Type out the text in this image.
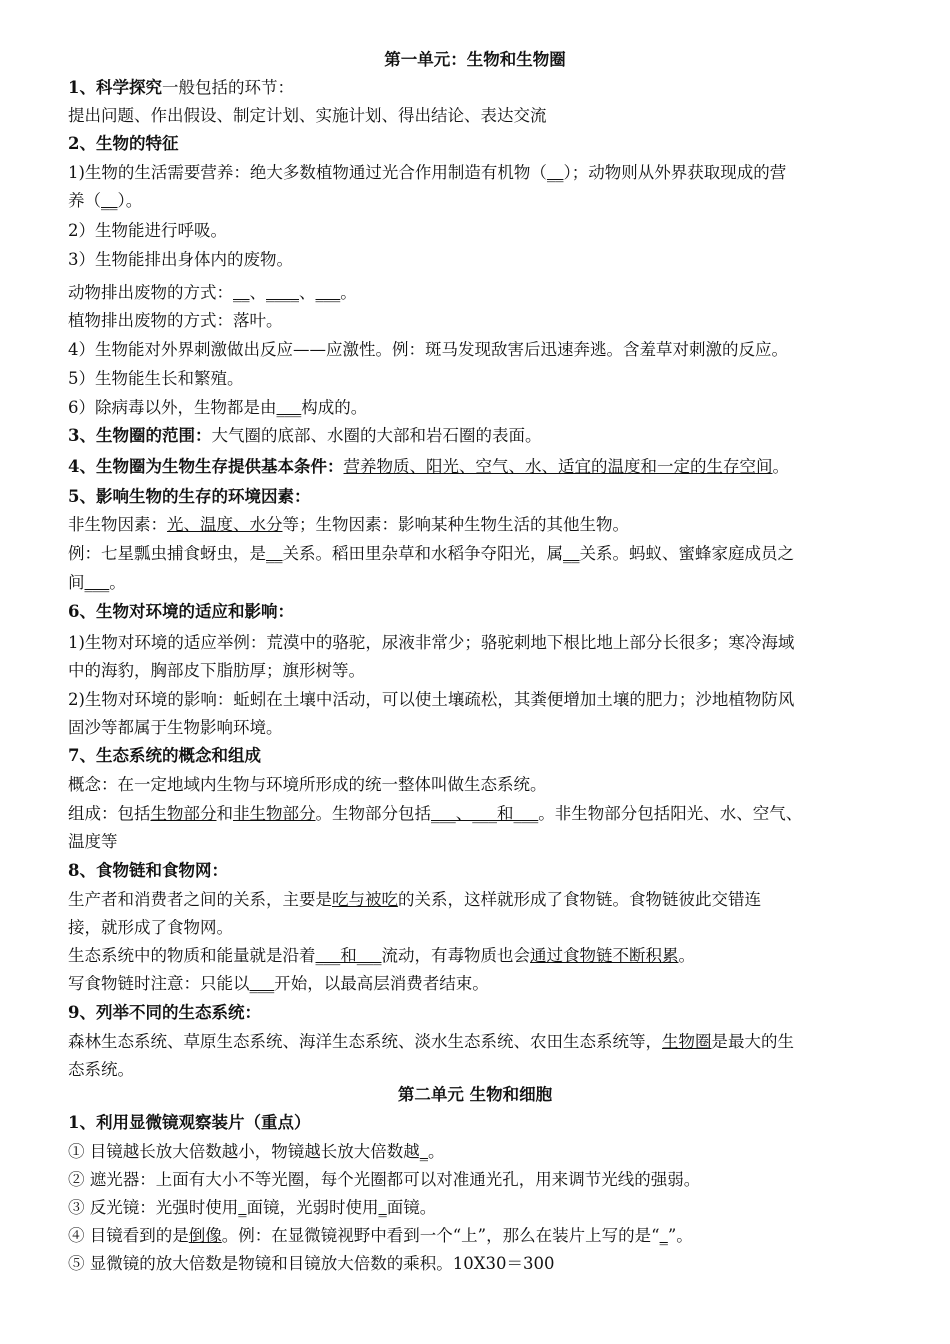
第一单元：生物和生物圈
1、科学探究一般包括的环节：
提出问题、作出假设、制定计划、实施计划、得出结论、表达交流
2、生物的特征
1)生物的生活需要营养：绝大多数植物通过光合作用制造有机物（__）；动物则从外界获取现成的营
养（__）。
2）生物能进行呼吸。
3）生物能排出身体内的废物。
动物排出废物的方式：__、____、___。
植物排出废物的方式：落叶。
4）生物能对外界刺激做出反应——应激性。例：斑马发现敌害后迅速奔逃。含羞草对刺激的反应。
5）生物能生长和繁殖。
6）除病毒以外，生物都是由___构成的。
3、生物圈的范围：大气圈的底部、水圈的大部和岩石圈的表面。
4、生物圈为生物生存提供基本条件：营养物质、阳光、空气、水、适宜的温度和一定的生存空间。
5、影响生物的生存的环境因素：
非生物因素：光、温度、水分等；生物因素：影响某种生物生活的其他生物。
例：七星瓢虫捕食蚜虫，是__关系。稻田里杂草和水稻争夺阳光，属__关系。蚂蚁、蜜蜂家庭成员之
间___。
6、生物对环境的适应和影响：
1)生物对环境的适应举例：荒漠中的骆驼，尿液非常少；骆驼刺地下根比地上部分长很多；寒冷海域
中的海豹，胸部皮下脂肪厚；旗形树等。
2)生物对环境的影响：蚯蚓在土壤中活动，可以使土壤疏松，其粪便增加土壤的肥力；沙地植物防风
固沙等都属于生物影响环境。
7、生态系统的概念和组成
概念：在一定地域内生物与环境所形成的统一整体叫做生态系统。
组成：包括生物部分和非生物部分。生物部分包括___、___和___。非生物部分包括阳光、水、空气、
温度等
8、食物链和食物网：
生产者和消费者之间的关系，主要是吃与被吃的关系，这样就形成了食物链。食物链彼此交错连
接，就形成了食物网。
生态系统中的物质和能量就是沿着___和___流动，有毒物质也会通过食物链不断积累。
写食物链时注意：只能以___开始，以最高层消费者结束。
9、列举不同的生态系统：
森林生态系统、草原生态系统、海洋生态系统、淡水生态系统、农田生态系统等，生物圈是最大的生
态系统。
第二单元 生物和细胞
1、利用显微镜观察装片（重点）
① 目镜越长放大倍数越小，物镜越长放大倍数越_。
② 遮光器：上面有大小不等光圈，每个光圈都可以对准通光孔，用来调节光线的强弱。
③ 反光镜：光强时使用_面镜，光弱时使用_面镜。
④ 目镜看到的是倒像。例：在显微镜视野中看到一个“上”，那么在装片上写的是“_”。
⑤ 显微镜的放大倍数是物镜和目镜放大倍数的乘积。10X30＝300
